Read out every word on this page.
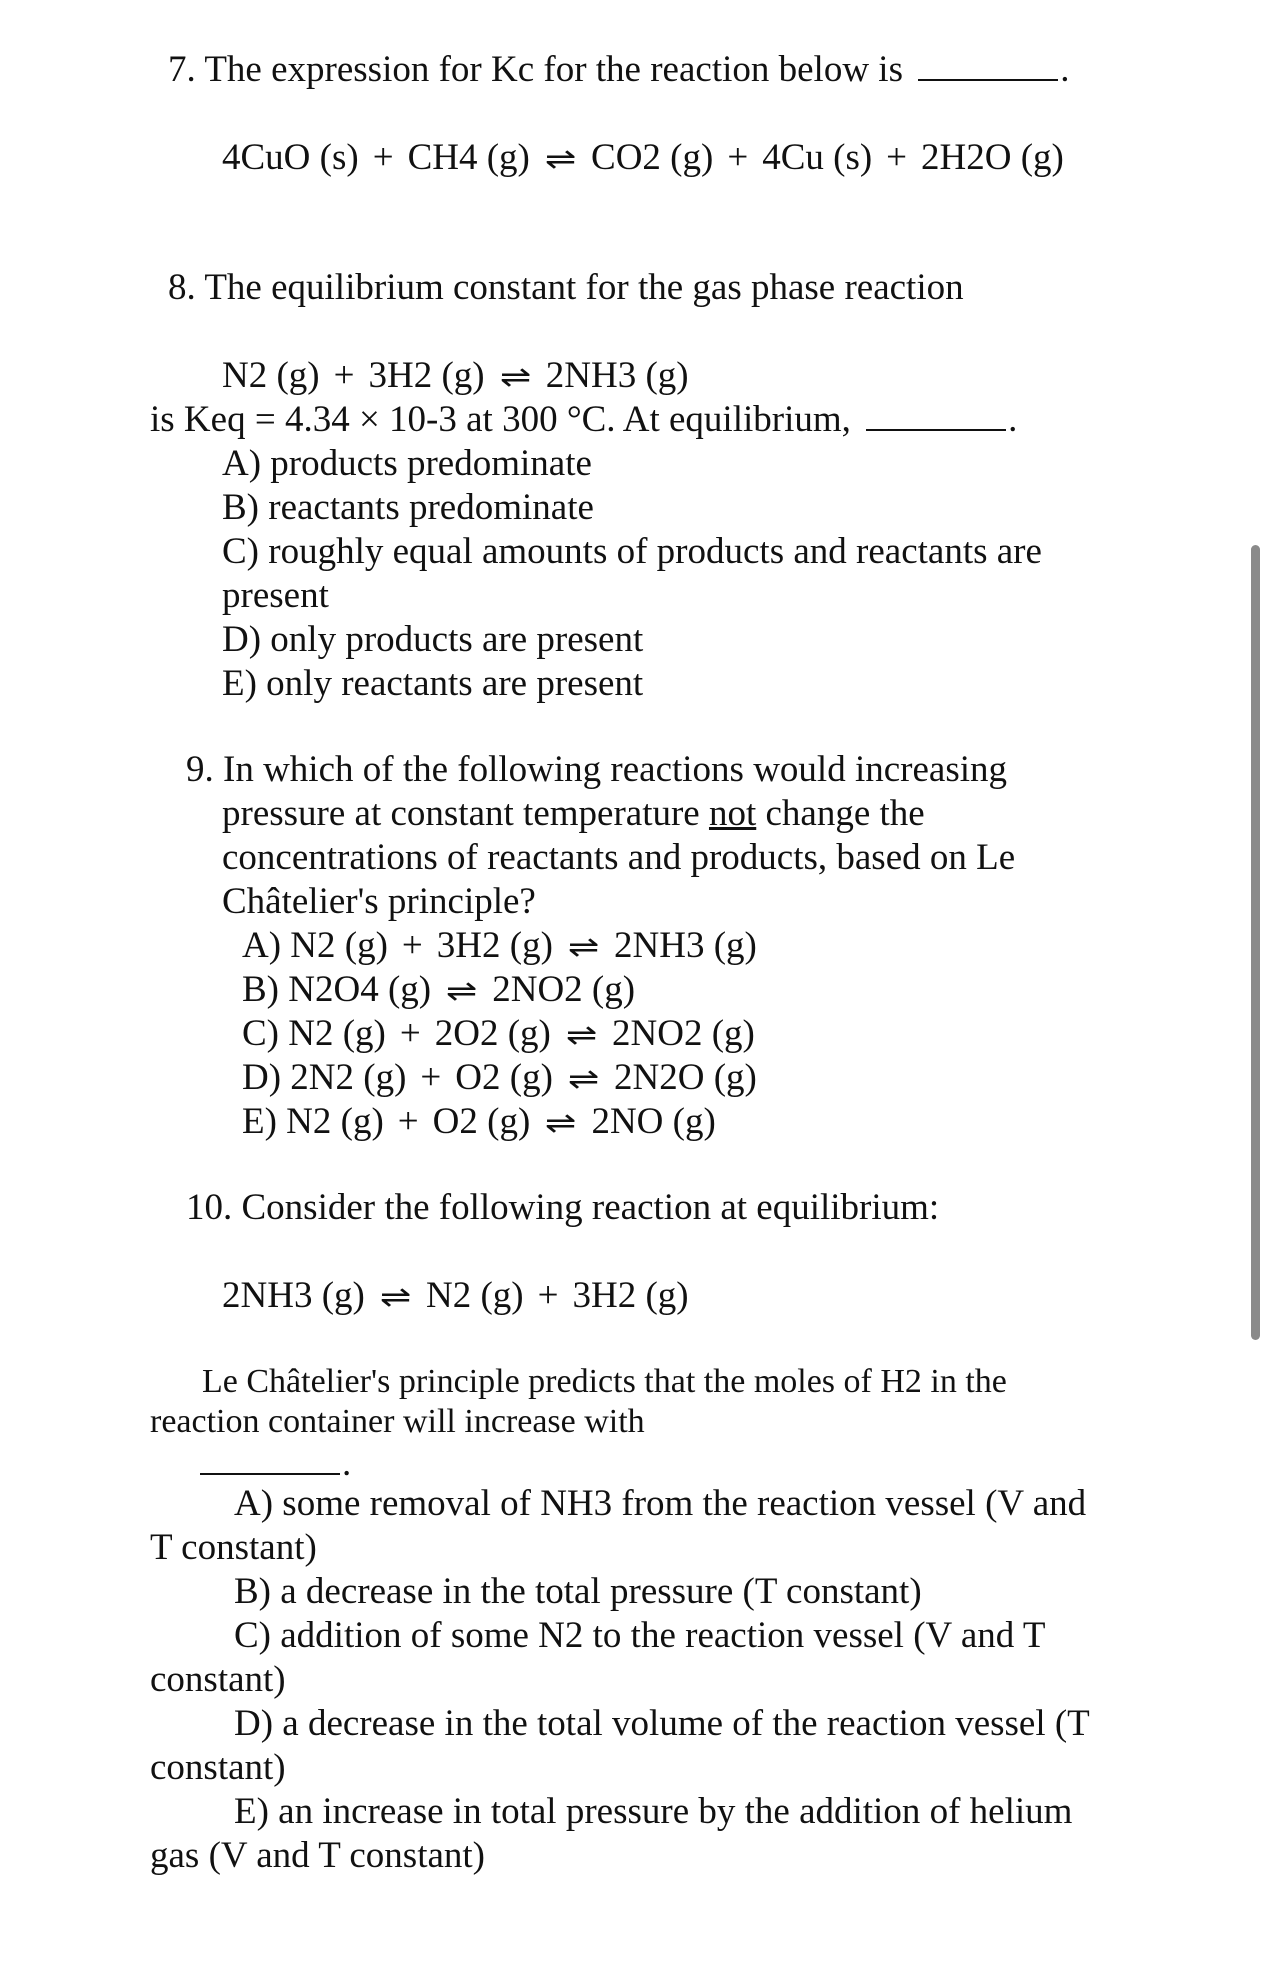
7. The expression for Kc for the reaction below is	.
4CuO (s) + CH4 (g) ⇌ CO2 (g) + 4Cu (s) + 2H2O (g)
8. The equilibrium constant for the gas phase reaction
N2 (g) + 3H2 (g) ⇌ 2NH3 (g)
is Keq = 4.34 × 10-3 at 300 °C. At equilibrium,	.
A) products predominate
B) reactants predominate
C) roughly equal amounts of products and reactants are
present
D) only products are present
E) only reactants are present
9. In which of the following reactions would increasing
pressure at constant temperature not change the
concentrations of reactants and products, based on Le
Châtelier's principle?
A) N2 (g) + 3H2 (g) ⇌ 2NH3 (g)
B) N2O4 (g) ⇌ 2NO2 (g)
C) N2 (g) + 2O2 (g) ⇌ 2NO2 (g)
D) 2N2 (g) + O2 (g) ⇌ 2N2O (g)
E) N2 (g) + O2 (g) ⇌ 2NO (g)
10. Consider the following reaction at equilibrium:
2NH3 (g) ⇌ N2 (g) + 3H2 (g)
Le Châtelier's principle predicts that the moles of H2 in the
reaction container will increase with
.
A) some removal of NH3 from the reaction vessel (V and
T constant)
B) a decrease in the total pressure (T constant)
C) addition of some N2 to the reaction vessel (V and T
constant)
D) a decrease in the total volume of the reaction vessel (T
constant)
E) an increase in total pressure by the addition of helium
gas (V and T constant)
